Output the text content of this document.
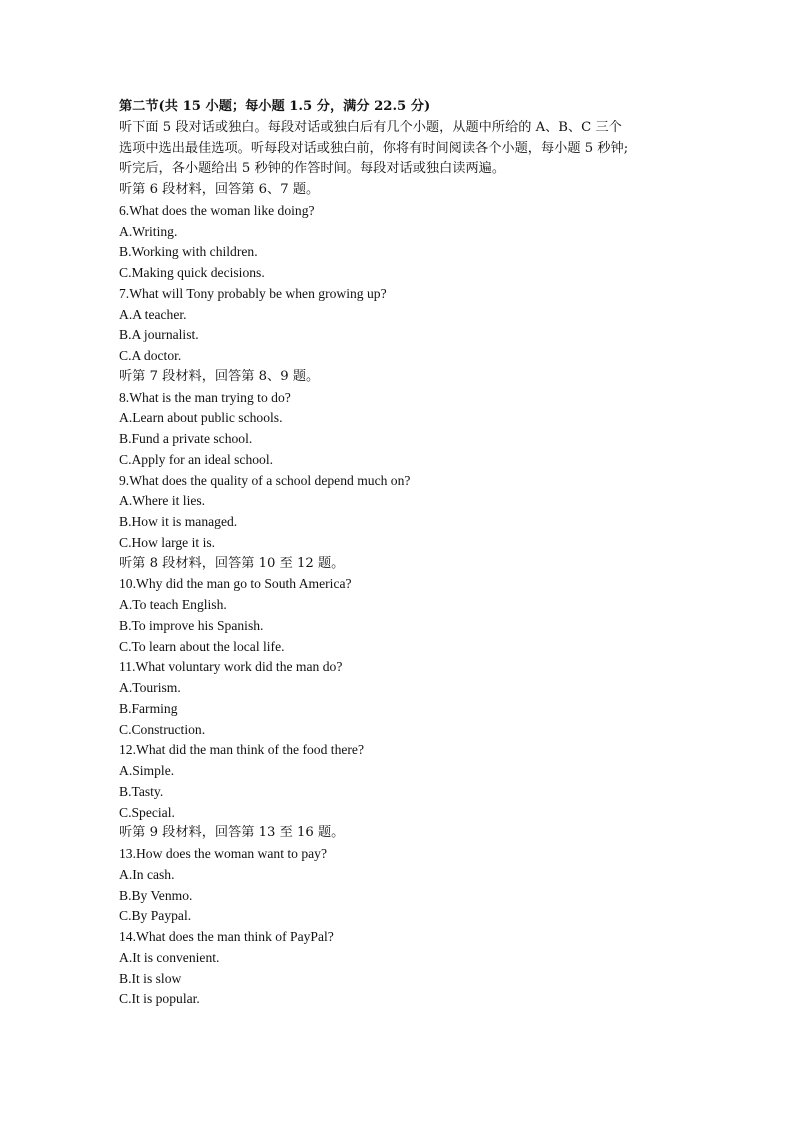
第二节(共 15 小题；每小题 1.5 分，满分 22.5 分)
听下面 5 段对话或独白。每段对话或独白后有几个小题，从题中所给的 A、B、C 三个
选项中选出最佳选项。听每段对话或独白前，你将有时间阅读各个小题，每小题 5 秒钟;
听完后，各小题给出 5 秒钟的作答时间。每段对话或独白读两遍。
听第 6 段材料，回答第 6、7 题。
6.What does the woman like doing?
A.Writing.
B.Working with children.
C.Making quick decisions.
7.What will Tony probably be when growing up?
A.A teacher.
B.A journalist.
C.A doctor.
听第 7 段材料，回答第 8、9 题。
8.What is the man trying to do?
A.Learn about public schools.
B.Fund a private school.
C.Apply for an ideal school.
9.What does the quality of a school depend much on?
A.Where it lies.
B.How it is managed.
C.How large it is.
听第 8 段材料，回答第 10 至 12 题。
10.Why did the man go to South America?
A.To teach English.
B.To improve his Spanish.
C.To learn about the local life.
11.What voluntary work did the man do?
A.Tourism.
B.Farming
C.Construction.
12.What did the man think of the food there?
A.Simple.
B.Tasty.
C.Special.
听第 9 段材料，回答第 13 至 16 题。
13.How does the woman want to pay?
A.In cash.
B.By Venmo.
C.By Paypal.
14.What does the man think of PayPal?
A.It is convenient.
B.It is slow
C.It is popular.
